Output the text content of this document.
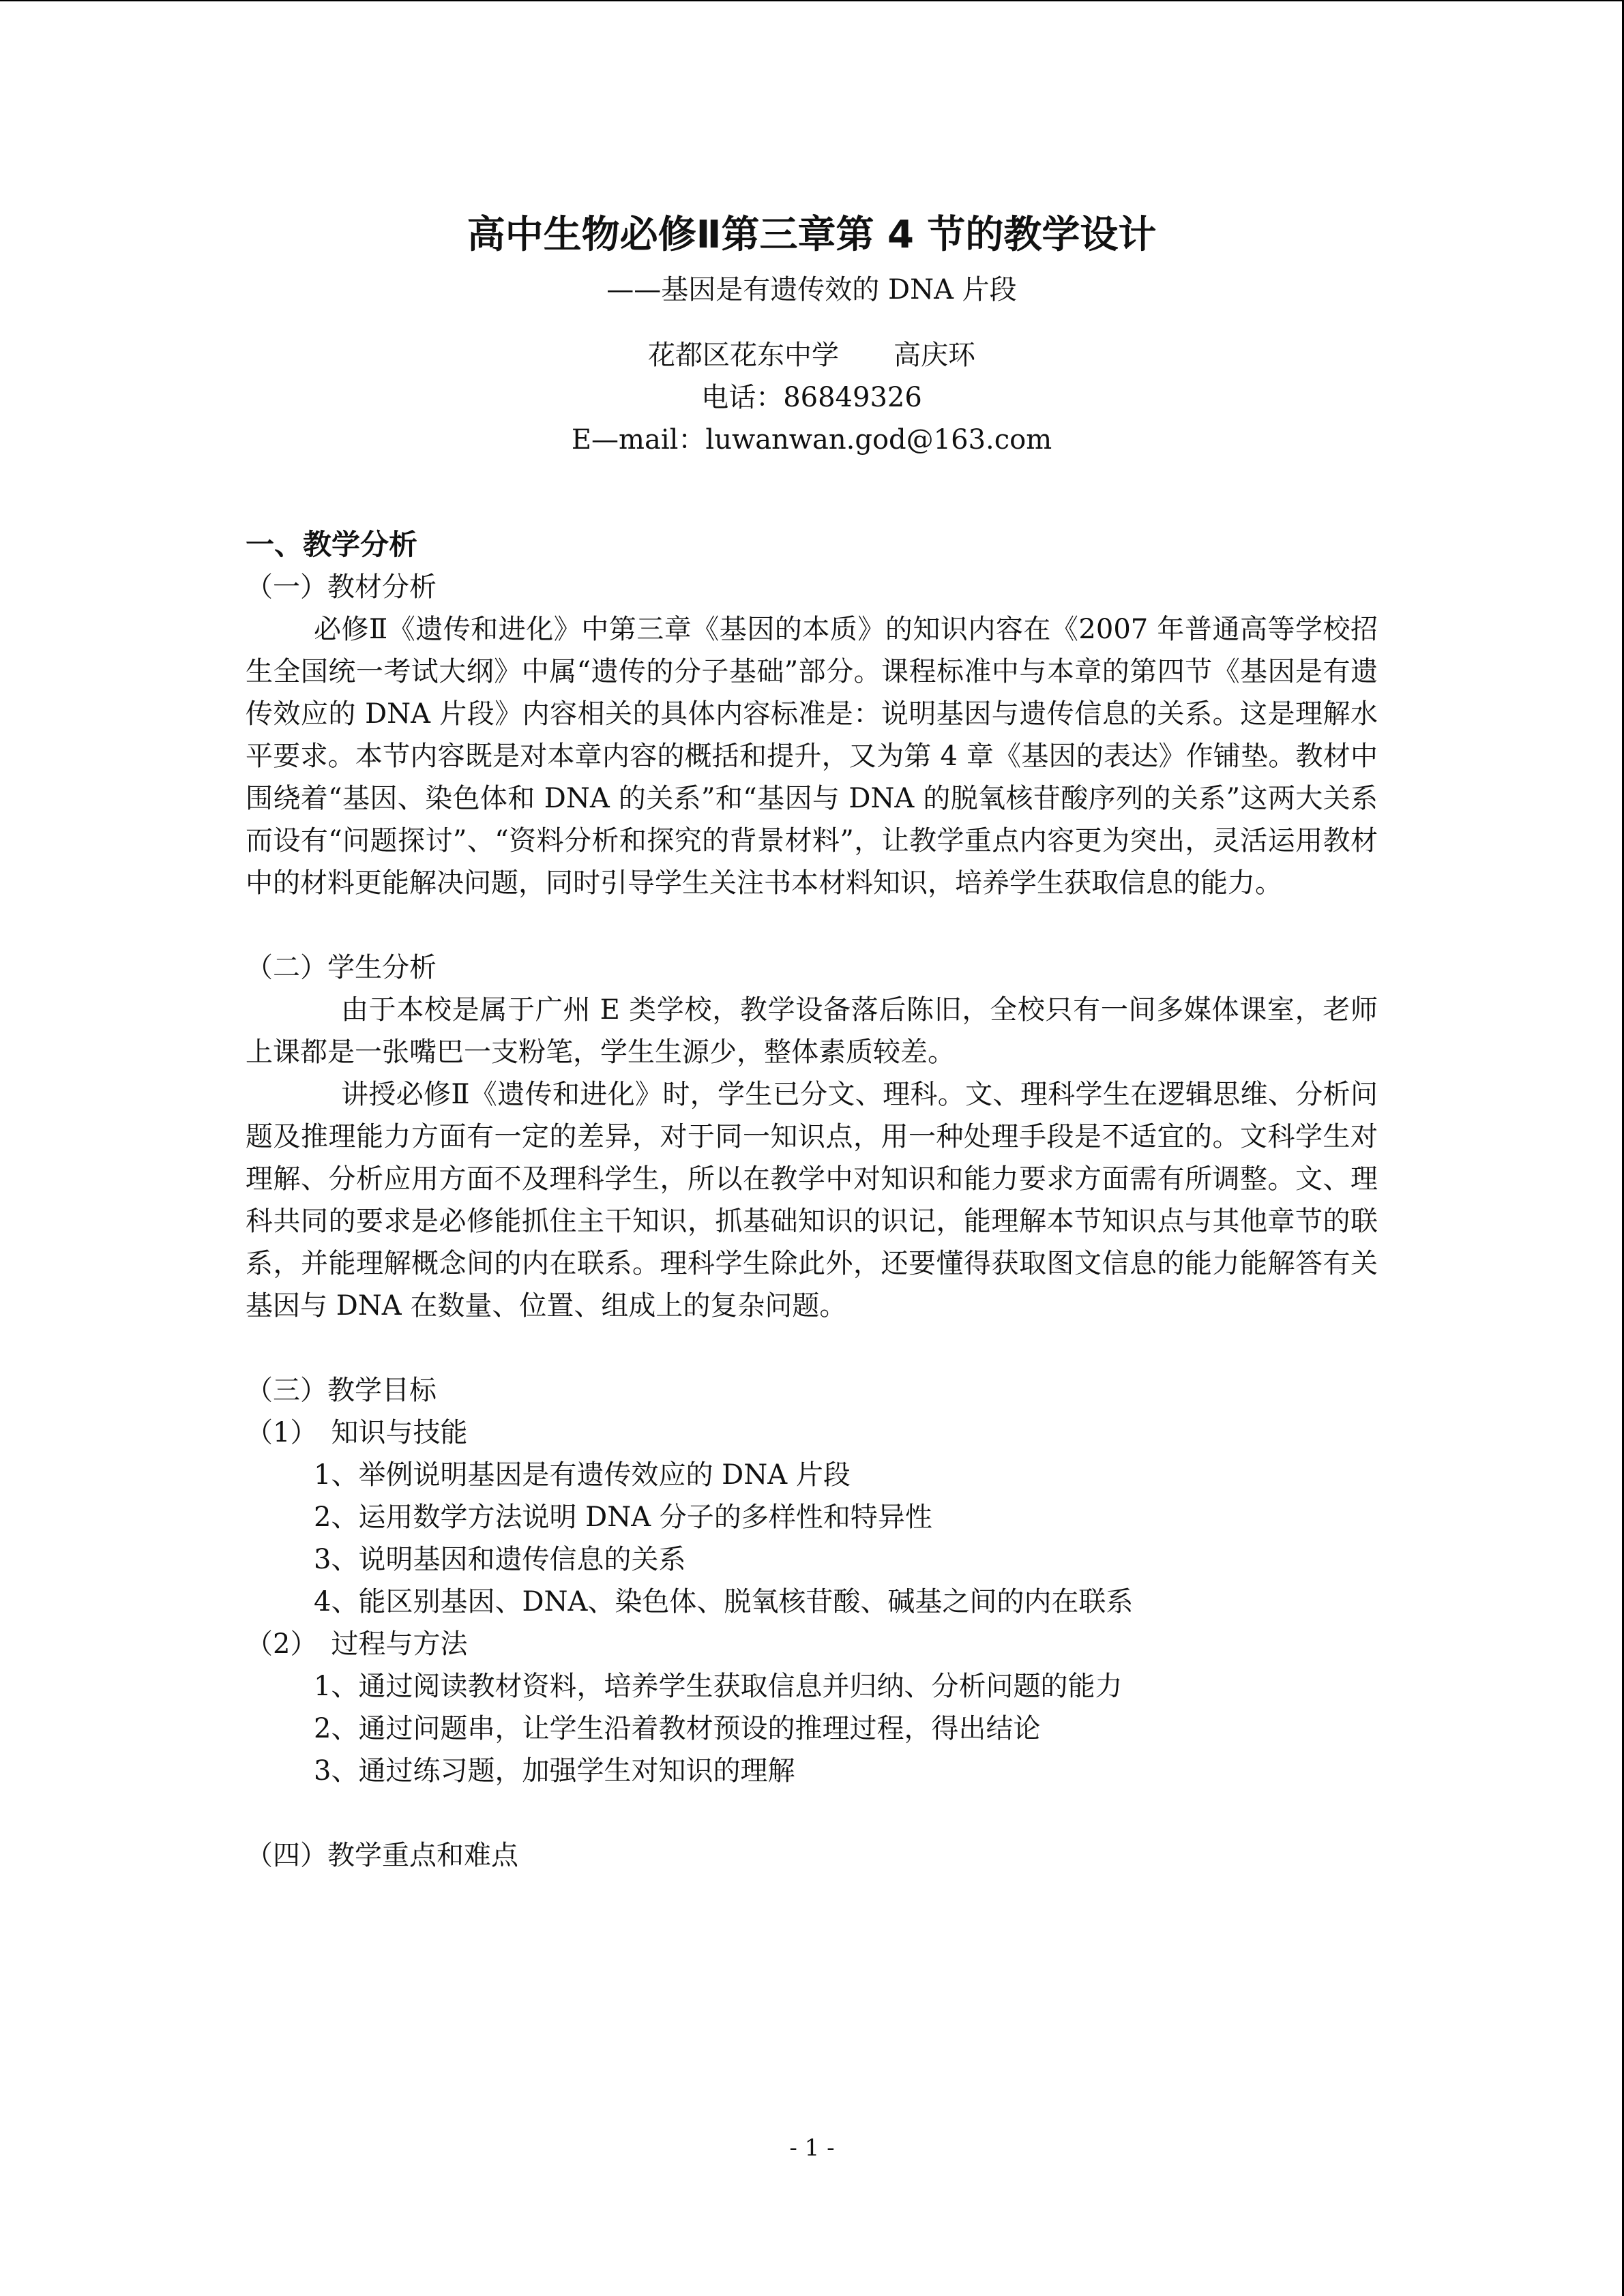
高中生物必修Ⅱ第三章第 4 节的教学设计
——基因是有遗传效的 DNA 片段
花都区花东中学　　高庆环
电话：86849326
E—mail：luwanwan.god@163.com
一、教学分析
（一）教材分析
必修Ⅱ《遗传和进化》中第三章《基因的本质》的知识内容在《2007 年普通高等学校招生全国统一考试大纲》中属“遗传的分子基础”部分。课程标准中与本章的第四节《基因是有遗传效应的 DNA 片段》内容相关的具体内容标准是：说明基因与遗传信息的关系。这是理解水平要求。本节内容既是对本章内容的概括和提升，又为第 4 章《基因的表达》作铺垫。教材中围绕着“基因、染色体和 DNA 的关系”和“基因与 DNA 的脱氧核苷酸序列的关系”这两大关系而设有“问题探讨”、“资料分析和探究的背景材料”，让教学重点内容更为突出，灵活运用教材中的材料更能解决问题，同时引导学生关注书本材料知识，培养学生获取信息的能力。
（二）学生分析
由于本校是属于广州 E 类学校，教学设备落后陈旧，全校只有一间多媒体课室，老师上课都是一张嘴巴一支粉笔，学生生源少，整体素质较差。
讲授必修Ⅱ《遗传和进化》时，学生已分文、理科。文、理科学生在逻辑思维、分析问题及推理能力方面有一定的差异，对于同一知识点，用一种处理手段是不适宜的。文科学生对理解、分析应用方面不及理科学生，所以在教学中对知识和能力要求方面需有所调整。文、理科共同的要求是必修能抓住主干知识，抓基础知识的识记，能理解本节知识点与其他章节的联系，并能理解概念间的内在联系。理科学生除此外，还要懂得获取图文信息的能力能解答有关基因与 DNA 在数量、位置、组成上的复杂问题。
（三）教学目标
（1）　知识与技能
1、举例说明基因是有遗传效应的 DNA 片段
2、运用数学方法说明 DNA 分子的多样性和特异性
3、说明基因和遗传信息的关系
4、能区别基因、DNA、染色体、脱氧核苷酸、碱基之间的内在联系
（2）　过程与方法
1、通过阅读教材资料，培养学生获取信息并归纳、分析问题的能力
2、通过问题串，让学生沿着教材预设的推理过程，得出结论
3、通过练习题，加强学生对知识的理解
（四）教学重点和难点
- 1 -
